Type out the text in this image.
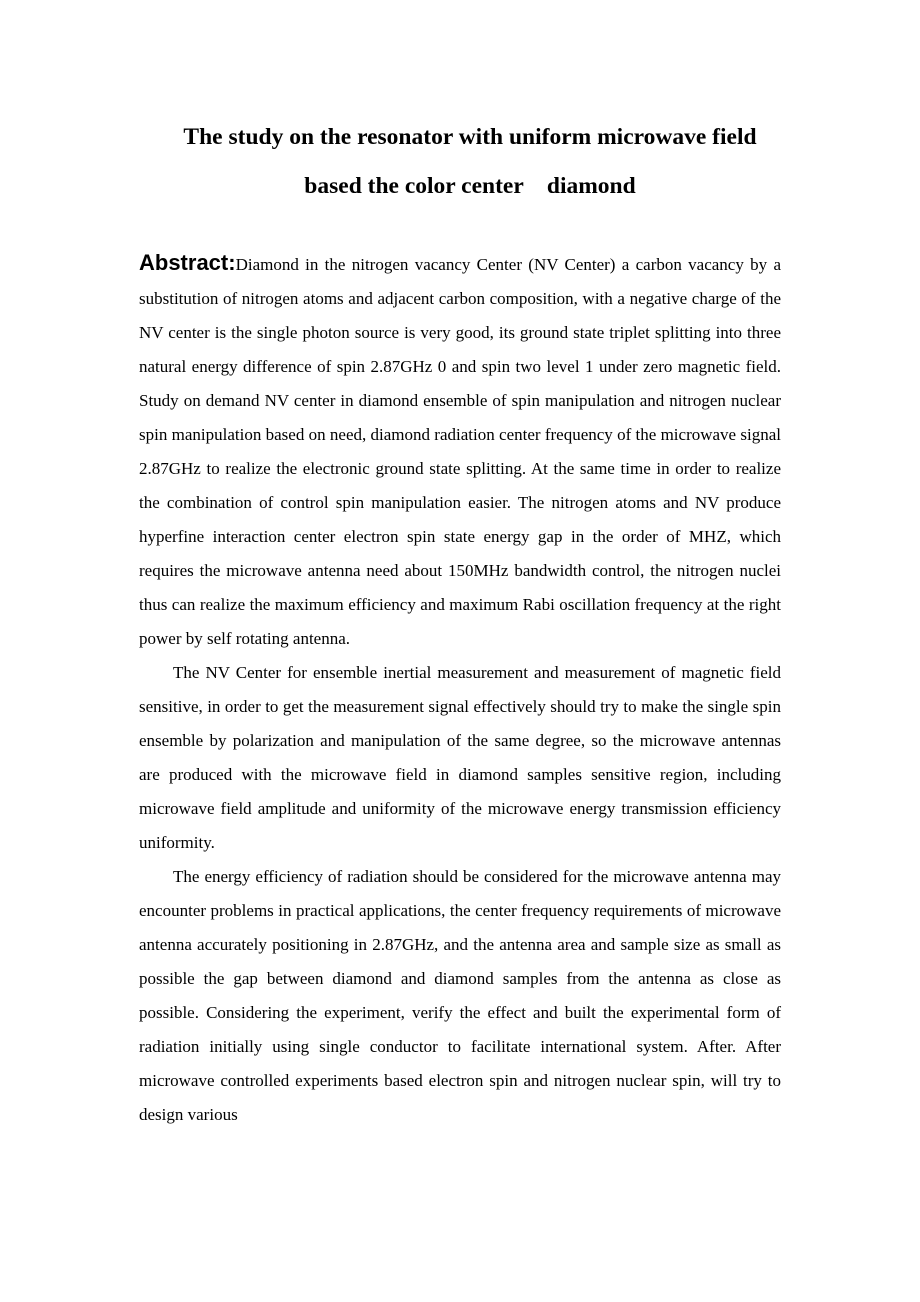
The study on the resonator with uniform microwave field
based the color center    diamond

Abstract:Diamond in the nitrogen vacancy Center (NV Center) a carbon vacancy by a substitution of nitrogen atoms and adjacent carbon composition, with a negative charge of the NV center is the single photon source is very good, its ground state triplet splitting into three natural energy difference of spin 2.87GHz 0 and spin two level 1 under zero magnetic field. Study on demand NV center in diamond ensemble of spin manipulation and nitrogen nuclear spin manipulation based on need, diamond radiation center frequency of the microwave signal 2.87GHz to realize the electronic ground state splitting. At the same time in order to realize the combination of control spin manipulation easier. The nitrogen atoms and NV produce hyperfine interaction center electron spin state energy gap in the order of MHZ, which requires the microwave antenna need about 150MHz bandwidth control, the nitrogen nuclei thus can realize the maximum efficiency and maximum Rabi oscillation frequency at the right power by self rotating antenna.

The NV Center for ensemble inertial measurement and measurement of magnetic field sensitive, in order to get the measurement signal effectively should try to make the single spin ensemble by polarization and manipulation of the same degree, so the microwave antennas are produced with the microwave field in diamond samples sensitive region, including microwave field amplitude and uniformity of the microwave energy transmission efficiency uniformity.

The energy efficiency of radiation should be considered for the microwave antenna may encounter problems in practical applications, the center frequency requirements of microwave antenna accurately positioning in 2.87GHz, and the antenna area and sample size as small as possible the gap between diamond and diamond samples from the antenna as close as possible. Considering the experiment, verify the effect and built the experimental form of radiation initially using single conductor to facilitate international system. After. After microwave controlled experiments based electron spin and nitrogen nuclear spin, will try to design various
